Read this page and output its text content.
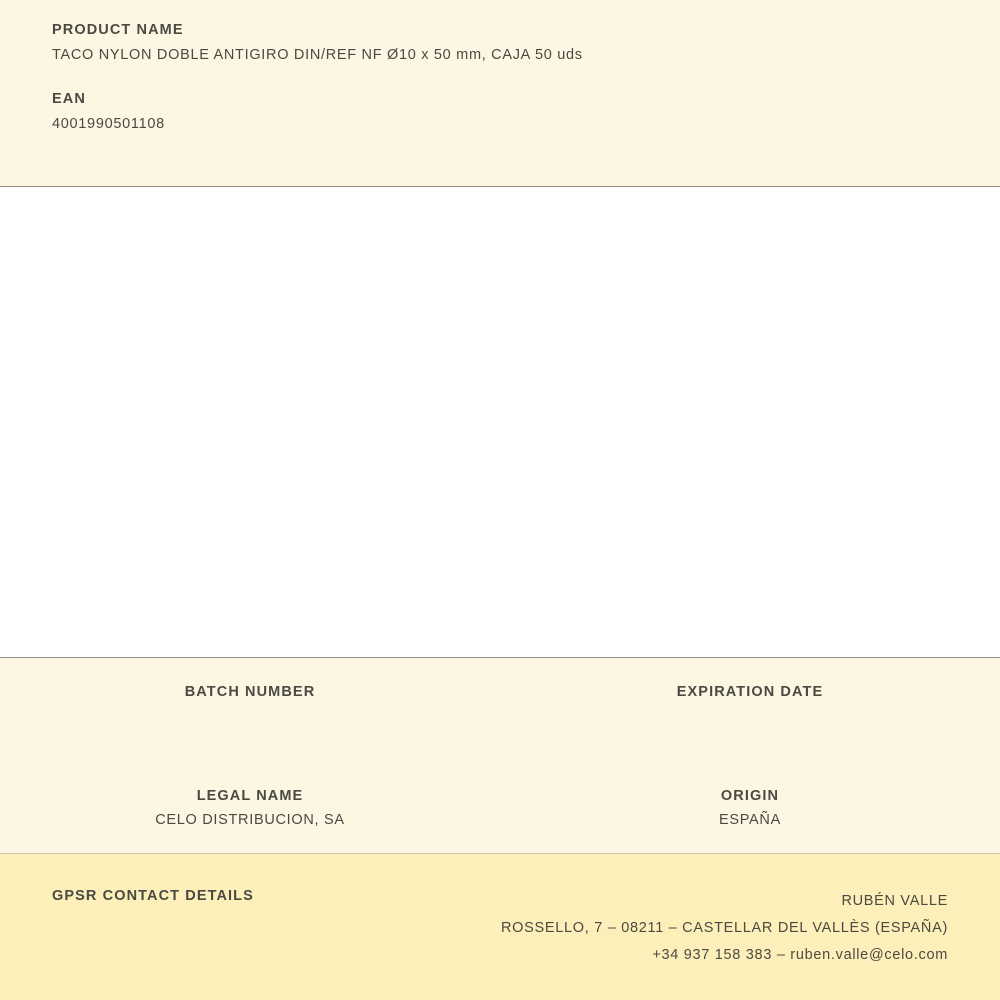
PRODUCT NAME

TACO NYLON DOBLE ANTIGIRO DIN/REF NF Ø10 x 50 mm, CAJA 50 uds

EAN

4001990501108

BATCH NUMBER	EXPIRATION DATE

LEGAL NAME

CELO DISTRIBUCION, SA

ORIGIN

ESPAÑA

GPSR CONTACT DETAILS	RUBÉN VALLE
ROSSELLO, 7 – 08211 – CASTELLAR DEL VALLÈS (ESPAÑA)
+34 937 158 383 – ruben.valle@celo.com
